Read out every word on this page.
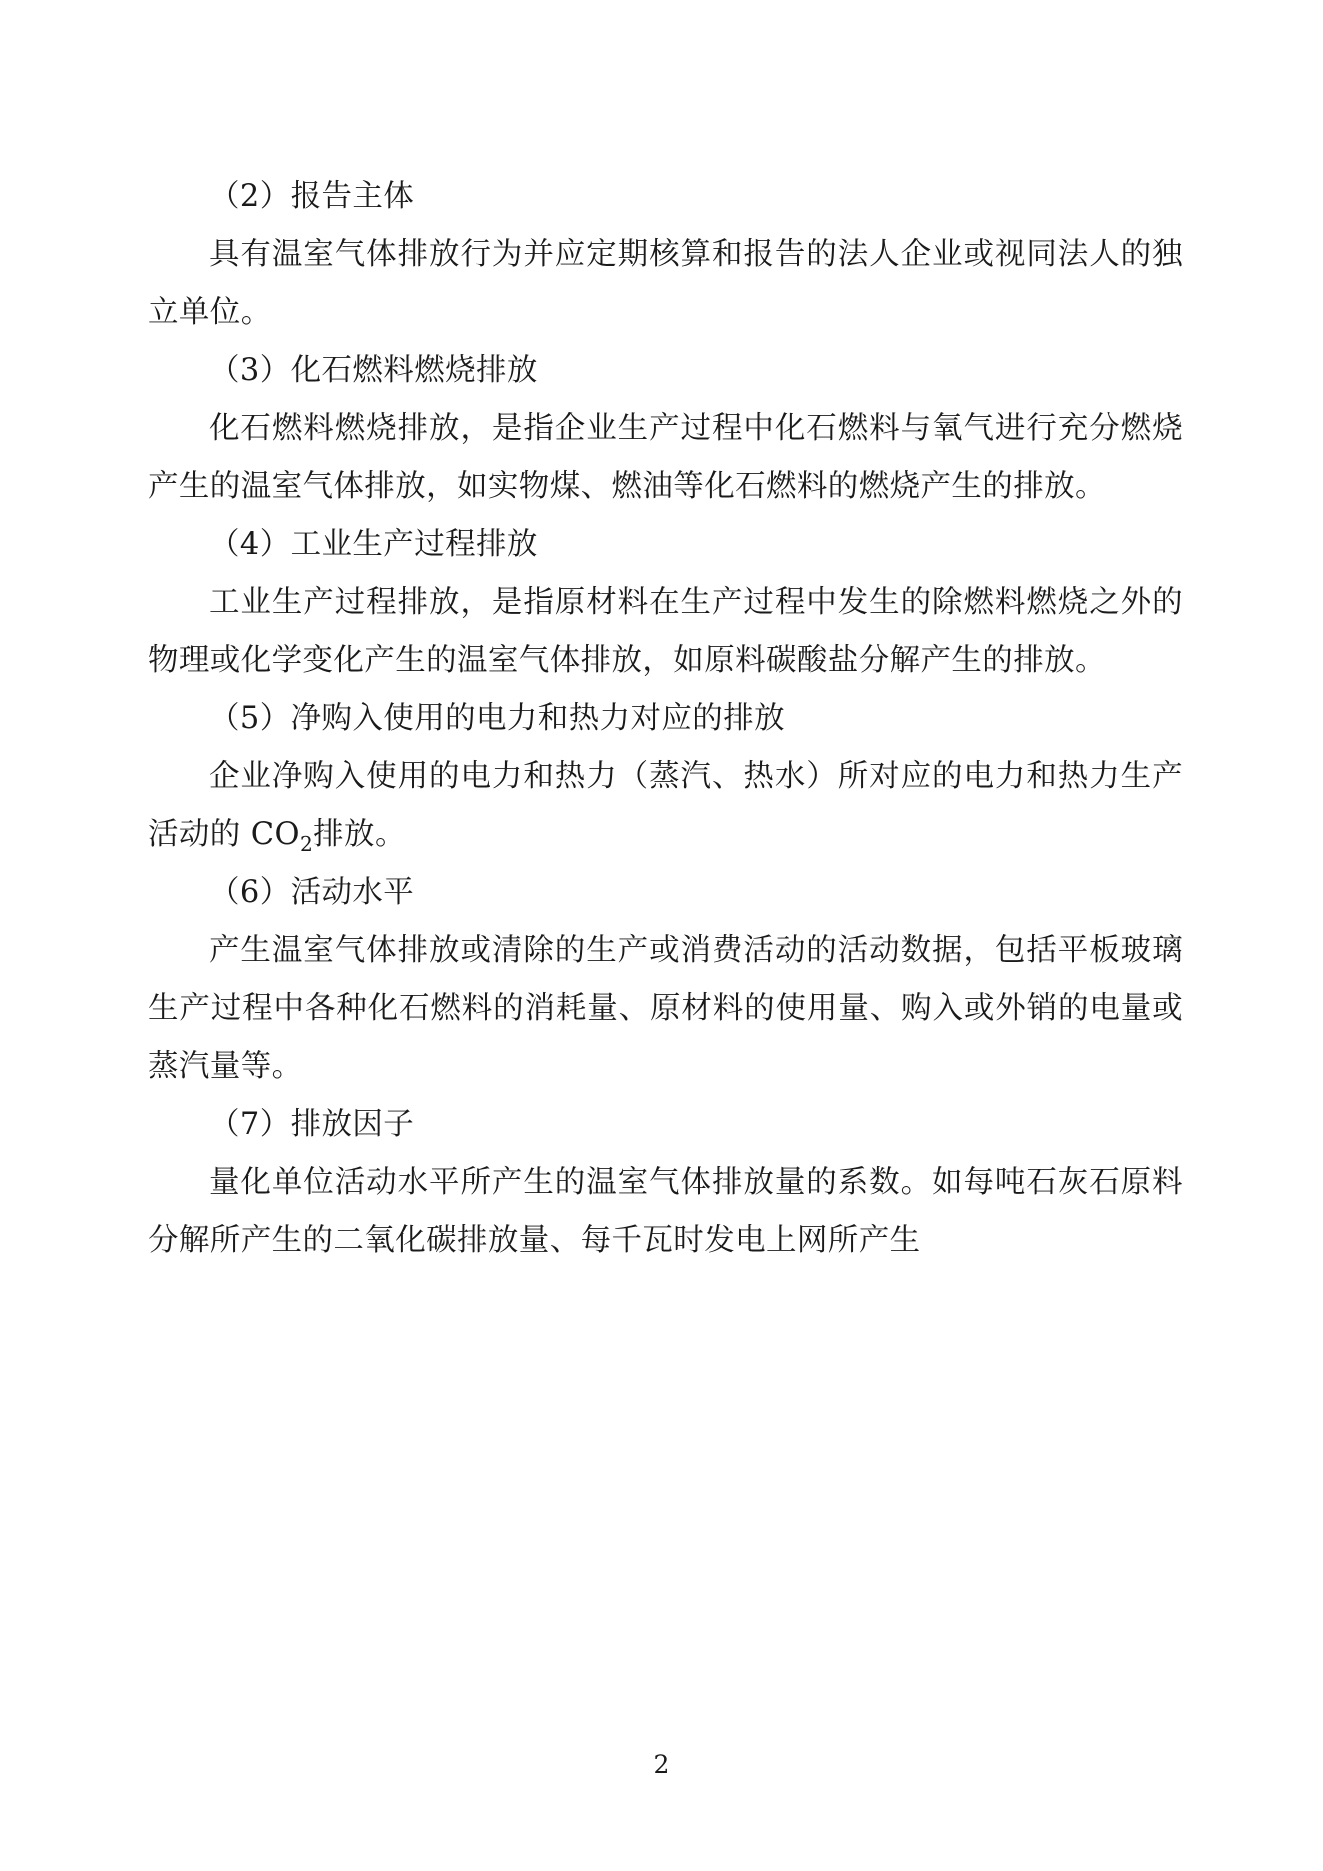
（2）报告主体

具有温室气体排放行为并应定期核算和报告的法人企业或视同法人的独立单位。

（3）化石燃料燃烧排放

化石燃料燃烧排放，是指企业生产过程中化石燃料与氧气进行充分燃烧产生的温室气体排放，如实物煤、燃油等化石燃料的燃烧产生的排放。

（4）工业生产过程排放

工业生产过程排放，是指原材料在生产过程中发生的除燃料燃烧之外的物理或化学变化产生的温室气体排放，如原料碳酸盐分解产生的排放。

（5）净购入使用的电力和热力对应的排放

企业净购入使用的电力和热力（蒸汽、热水）所对应的电力和热力生产活动的 $CO_2$排放。

（6）活动水平

产生温室气体排放或清除的生产或消费活动的活动数据，包括平板玻璃生产过程中各种化石燃料的消耗量、原材料的使用量、购入或外销的电量或蒸汽量等。

（7）排放因子

量化单位活动水平所产生的温室气体排放量的系数。如每吨石灰石原料分解所产生的二氧化碳排放量、每千瓦时发电上网所产生

2
